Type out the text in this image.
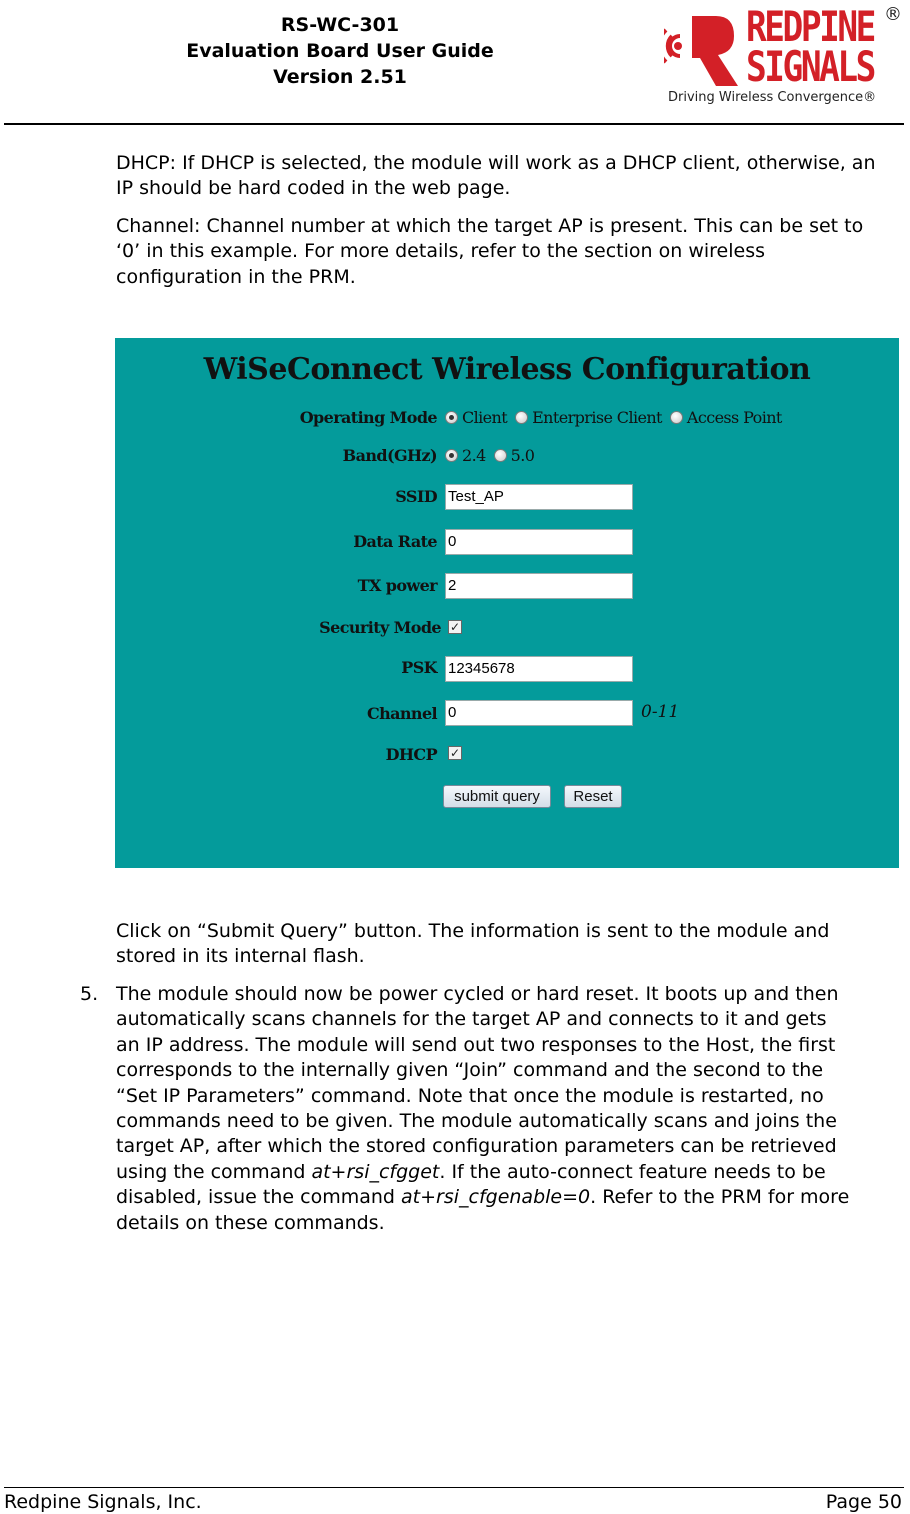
RS-WC-301
Evaluation Board User Guide
Version 2.51
REDPINE
SIGNALS
®
Driving Wireless Convergence®
DHCP: If DHCP is selected, the module will work as a DHCP client, otherwise, an IP should be hard coded in the web page.
Channel: Channel number at which the target AP is present. This can be set to ‘0’ in this example. For more details, refer to the section on wireless configuration in the PRM.
WiSeConnect Wireless Configuration
Operating Mode Client Enterprise Client Access Point
Band(GHz) 2.4 5.0
SSID Test_AP
Data Rate 0
TX power 2
Security Mode ✓
PSK 12345678
Channel 0	0-11
DHCP ✓
submit query	Reset
Click on “Submit Query” button. The information is sent to the module and stored in its internal flash.
5. The module should now be power cycled or hard reset. It boots up and then automatically scans channels for the target AP and connects to it and gets an IP address. The module will send out two responses to the Host, the first corresponds to the internally given “Join” command and the second to the “Set IP Parameters” command. Note that once the module is restarted, no commands need to be given. The module automatically scans and joins the target AP, after which the stored configuration parameters can be retrieved using the command at+rsi_cfgget. If the auto-connect feature needs to be disabled, issue the command at+rsi_cfgenable=0. Refer to the PRM for more details on these commands.
Redpine Signals, Inc.	Page 50
